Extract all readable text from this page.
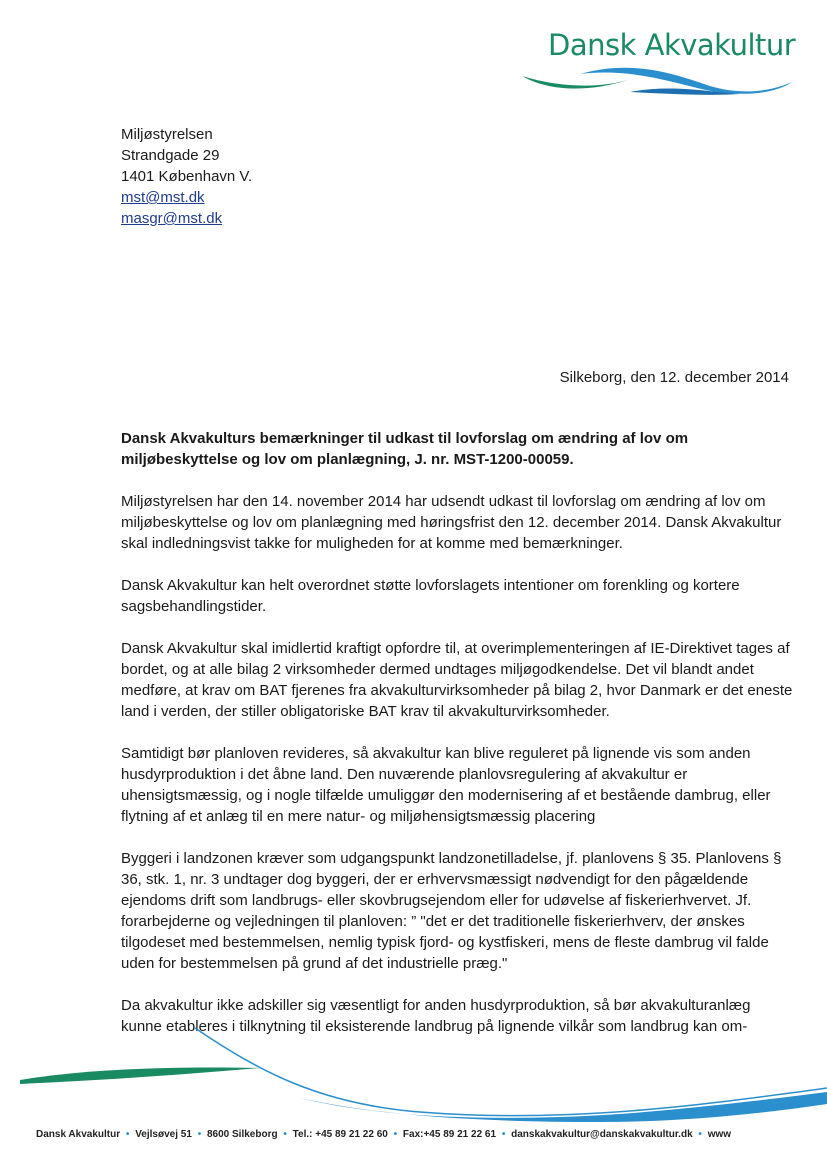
Dansk Akvakultur
Miljøstyrelsen
Strandgade 29
1401 København V.
mst@mst.dk
masgr@mst.dk
Silkeborg, den 12. december 2014

Dansk Akvakulturs bemærkninger til udkast til lovforslag om ændring af lov om miljøbeskyttelse og lov om planlægning, J. nr. MST-1200-00059.

Miljøstyrelsen har den 14. november 2014 har udsendt udkast til lovforslag om ændring af lov om miljøbeskyttelse og lov om planlægning med høringsfrist den 12. december 2014. Dansk Akvakultur skal indledningsvist takke for muligheden for at komme med bemærkninger.

Dansk Akvakultur kan helt overordnet støtte lovforslagets intentioner om forenkling og kortere sagsbehandlingstider.

Dansk Akvakultur skal imidlertid kraftigt opfordre til, at overimplementeringen af IE-Direktivet tages af bordet, og at alle bilag 2 virksomheder dermed undtages miljøgodkendelse. Det vil blandt andet medføre, at krav om BAT fjerenes fra akvakulturvirksomheder på bilag 2, hvor Danmark er det eneste land i verden, der stiller obligatoriske BAT krav til akvakulturvirksomheder.

Samtidigt bør planloven revideres, så akvakultur kan blive reguleret på lignende vis som anden husdyrproduktion i det åbne land. Den nuværende planlovsregulering af akvakultur er uhensigtsmæssig, og i nogle tilfælde umuliggør den modernisering af et bestående dambrug, eller flytning af et anlæg til en mere natur- og miljøhensigtsmæssig placering

Byggeri i landzonen kræver som udgangspunkt landzonetilladelse, jf. planlovens § 35. Planlovens § 36, stk. 1, nr. 3 undtager dog byggeri, der er erhvervsmæssigt nødvendigt for den pågældende ejendoms drift som landbrugs- eller skovbrugsejendom eller for udøvelse af fiskerierhvervet. Jf. forarbejderne og vejledningen til planloven: ” "det er det traditionelle fiskerierhverv, der ønskes tilgodeset med bestemmelsen, nemlig typisk fjord- og kystfiskeri, mens de fleste dambrug vil falde uden for bestemmelsen på grund af det industrielle præg."

Da akvakultur ikke adskiller sig væsentligt for anden husdyrproduktion, så bør akvakulturanlæg kunne etableres i tilknytning til eksisterende landbrug på lignende vilkår som landbrug kan om-

Dansk Akvakultur • Vejlsøvej 51 • 8600 Silkeborg • Tel.: +45 89 21 22 60 • Fax:+45 89 21 22 61 • danskakvakultur@danskakvakultur.dk • www
